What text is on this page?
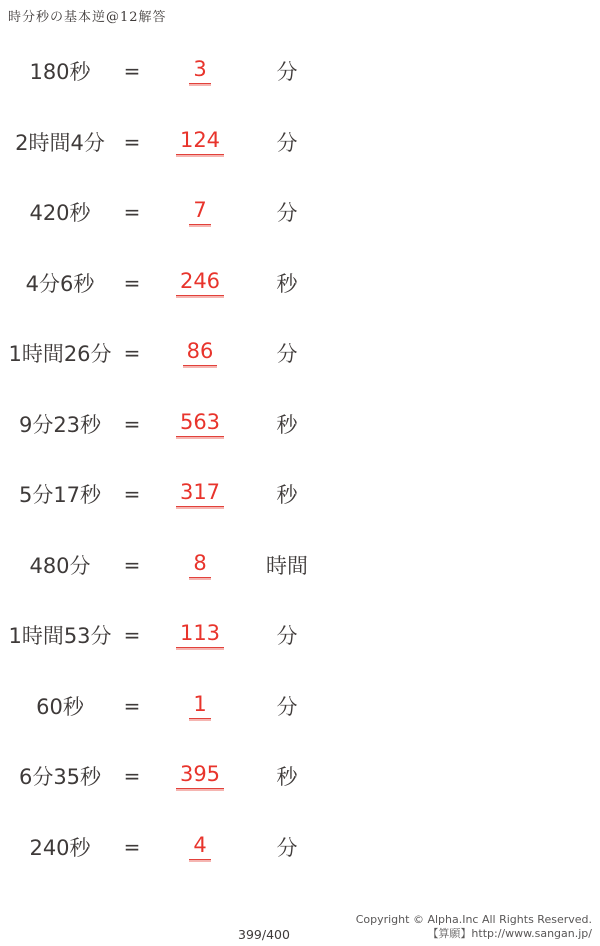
時分秒の基本逆@12解答
180秒	=	3	分
2時間4分 =	124	分
420秒	=	7	分
4分6秒	=	246	秒
1時間26分 =	86	分
9分23秒	=	563	秒
5分17秒	=	317	秒
480分	=	8	時間
1時間53分 =	113	分
60秒	=	1	分
6分35秒	=	395	秒
240秒	=	4	分
399/400
Copyright © Alpha.Inc All Rights Reserved.
【算願】http://www.sangan.jp/
